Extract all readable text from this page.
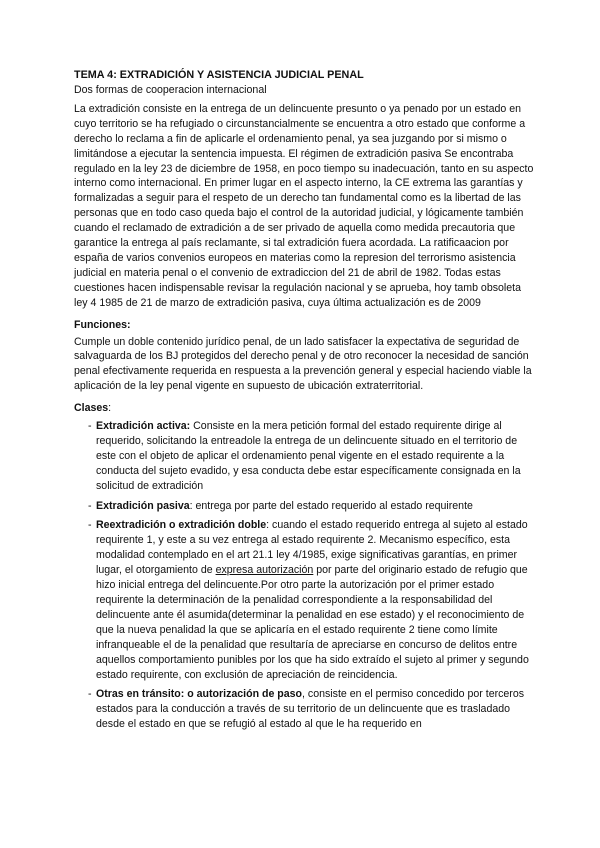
TEMA 4: EXTRADICIÓN Y ASISTENCIA JUDICIAL PENAL

Dos formas de cooperacion internacional

La extradición consiste en la entrega de un delincuente presunto o ya penado por un estado en cuyo territorio se ha refugiado o circunstancialmente se encuentra a otro estado que conforme a derecho lo reclama a fin de aplicarle el ordenamiento penal, ya sea juzgando por si mismo o limitándose a ejecutar la sentencia impuesta. El régimen de extradición pasiva Se encontraba regulado en la ley 23 de diciembre de 1958, en poco tiempo su inadecuación, tanto en su aspecto interno como internacional. En primer lugar en el aspecto interno, la CE extrema las garantías y formalizadas a seguir para el respeto de un derecho tan fundamental como es la libertad de las personas que en todo caso queda bajo el control de la autoridad judicial, y lógicamente también cuando el reclamado de extradición a de ser privado de aquella como medida precautoria que garantice la entrega al país reclamante, si tal extradición fuera acordada. La ratificaacion por españa de varios convenios europeos en materias como la represion del terrorismo asistencia judicial en materia penal o el convenio de extradiccion del 21 de abril de 1982. Todas estas cuestiones hacen indispensable revisar la regulación nacional y se aprueba, hoy tamb obsoleta ley 4 1985 de 21 de marzo de extradición pasiva, cuya última actualización es de 2009

Funciones:

Cumple un doble contenido jurídico penal, de un lado satisfacer la expectativa de seguridad de salvaguarda de los BJ protegidos del derecho penal y de otro reconocer la necesidad de sanción penal efectivamente requerida en respuesta a la prevención general y especial haciendo viable la aplicación de la ley penal vigente en supuesto de ubicación extraterritorial.

Clases:

- Extradición activa: Consiste en la mera petición formal del estado requirente dirige al requerido, solicitando la entreadole la entrega de un delincuente situado en el territorio de este con el objeto de aplicar el ordenamiento penal vigente en el estado requirente a la conducta del sujeto evadido, y esa conducta debe estar específicamente consignada en la solicitud de extradición
- Extradición pasiva: entrega por parte del estado requerido al estado requirente
- Reextradición o extradición doble: cuando el estado requerido entrega al sujeto al estado requirente 1, y este a su vez entrega al estado requirente 2. Mecanismo específico, esta modalidad contemplado en el art 21.1 ley 4/1985, exige significativas garantías, en primer lugar, el otorgamiento de expresa autorización por parte del originario estado de refugio que hizo inicial entrega del delincuente.Por otro parte la autorización por el primer estado requirente la determinación de la penalidad correspondiente a la responsabilidad del delincuente ante él asumida(determinar la penalidad en ese estado) y el reconocimiento de que la nueva penalidad la que se aplicaría en el estado requirente 2 tiene como límite infranqueable el de la penalidad que resultaría de apreciarse en concurso de delitos entre aquellos comportamiento punibles por los que ha sido extraído el sujeto al primer y segundo estado requirente, con exclusión de apreciación de reincidencia.
- Otras en tránsito: o autorización de paso, consiste en el permiso concedido por terceros estados para la conducción a través de su territorio de un delincuente que es trasladado desde el estado en que se refugió al estado al que le ha requerido en
